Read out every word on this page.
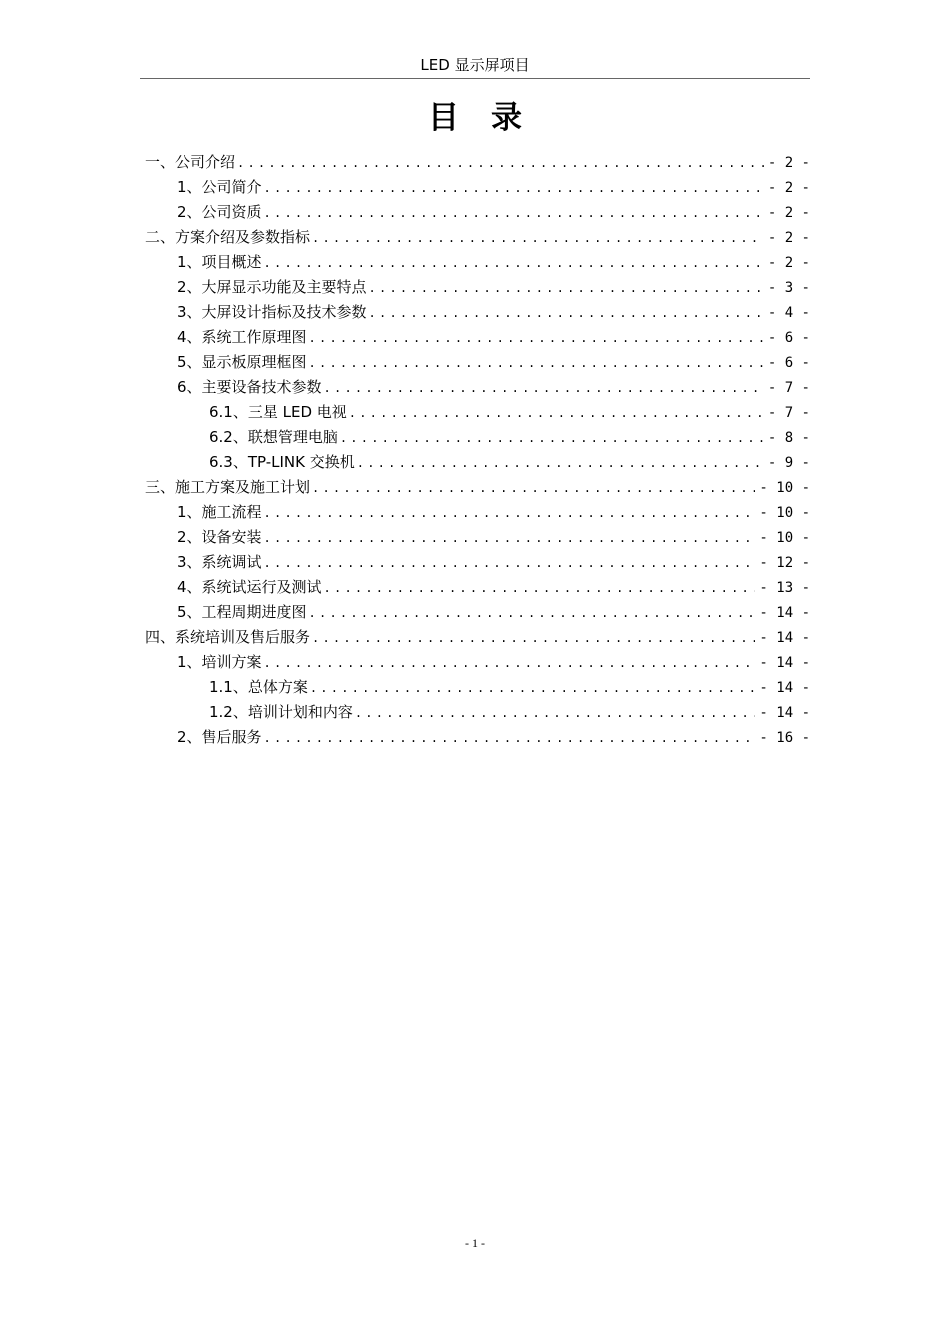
LED 显示屏项目
目录
一、公司介绍 . . .	- 2 -
1、公司简介 . . .	- 2 -
2、公司资质 . . .	- 2 -
二、方案介绍及参数指标 . . .	- 2 -
1、项目概述 . . .	- 2 -
2、大屏显示功能及主要特点 . . .	- 3 -
3、大屏设计指标及技术参数 . . .	- 4 -
4、系统工作原理图 . . .	- 6 -
5、显示板原理框图 . . .	- 6 -
6、主要设备技术参数 . . .	- 7 -
6.1、三星 LED 电视 . . .	- 7 -
6.2、联想管理电脑 . . .	- 8 -
6.3、TP-LINK 交换机 . . .	- 9 -
三、施工方案及施工计划 . . .	- 10 -
1、施工流程 . . .	- 10 -
2、设备安装 . . .	- 10 -
3、系统调试 . . .	- 12 -
4、系统试运行及测试 . . .	- 13 -
5、工程周期进度图 . . .	- 14 -
四、系统培训及售后服务 . . .	- 14 -
1、培训方案 . . .	- 14 -
1.1、总体方案 . . .	- 14 -
1.2、培训计划和内容 . . .	- 14 -
2、售后服务 . . .	- 16 -
- 1 -
